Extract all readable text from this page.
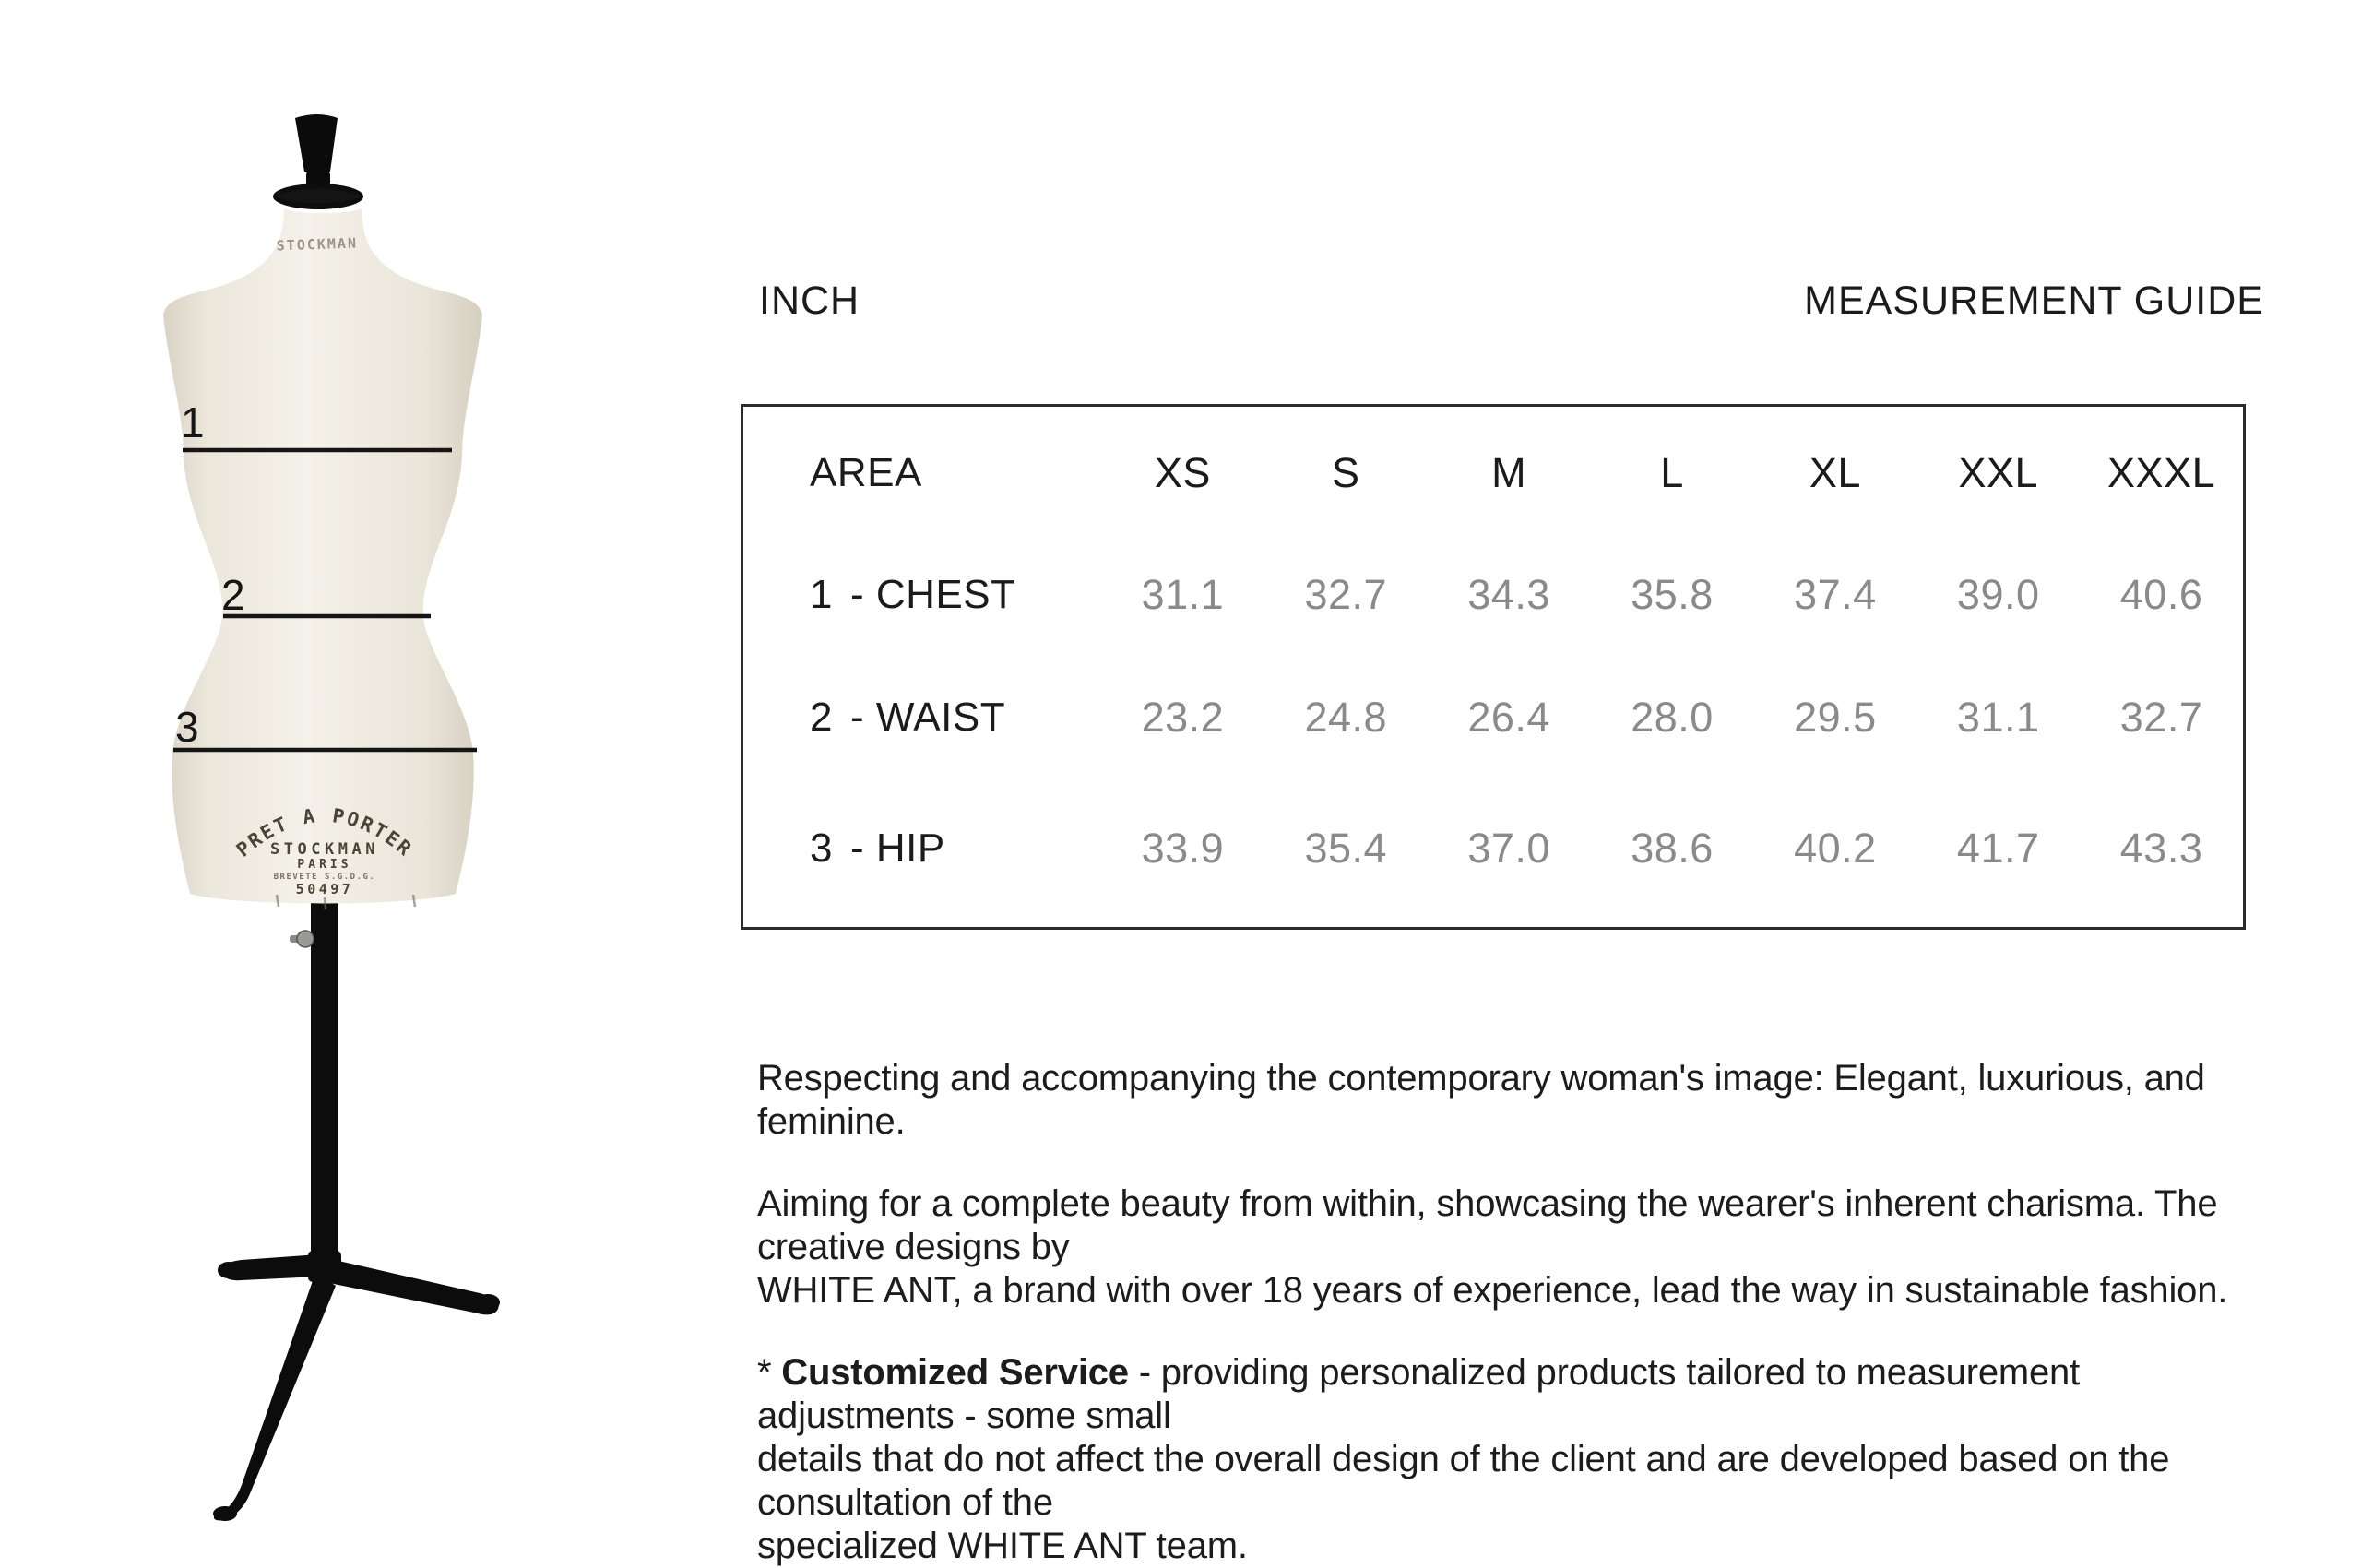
STOCKMAN
PRET A PORTER
STOCKMAN
PARIS
BREVETE S.G.D.G.
50497
1
2
3
INCH	MEASUREMENT GUIDE
AREA	XS	S	M	L	XL	XXL	XXXL
1 - CHEST	31.1	32.7	34.3	35.8	37.4	39.0	40.6
2 - WAIST	23.2	24.8	26.4	28.0	29.5	31.1	32.7
3 - HIP	33.9	35.4	37.0	38.6	40.2	41.7	43.3
Respecting and accompanying the contemporary woman's image: Elegant, luxurious, and feminine.
Aiming for a complete beauty from within, showcasing the wearer's inherent charisma. The creative designs by
WHITE ANT, a brand with over 18 years of experience, lead the way in sustainable fashion.
* Customized Service - providing personalized products tailored to measurement adjustments - some small
details that do not affect the overall design of the client and are developed based on the consultation of the
specialized WHITE ANT team.
